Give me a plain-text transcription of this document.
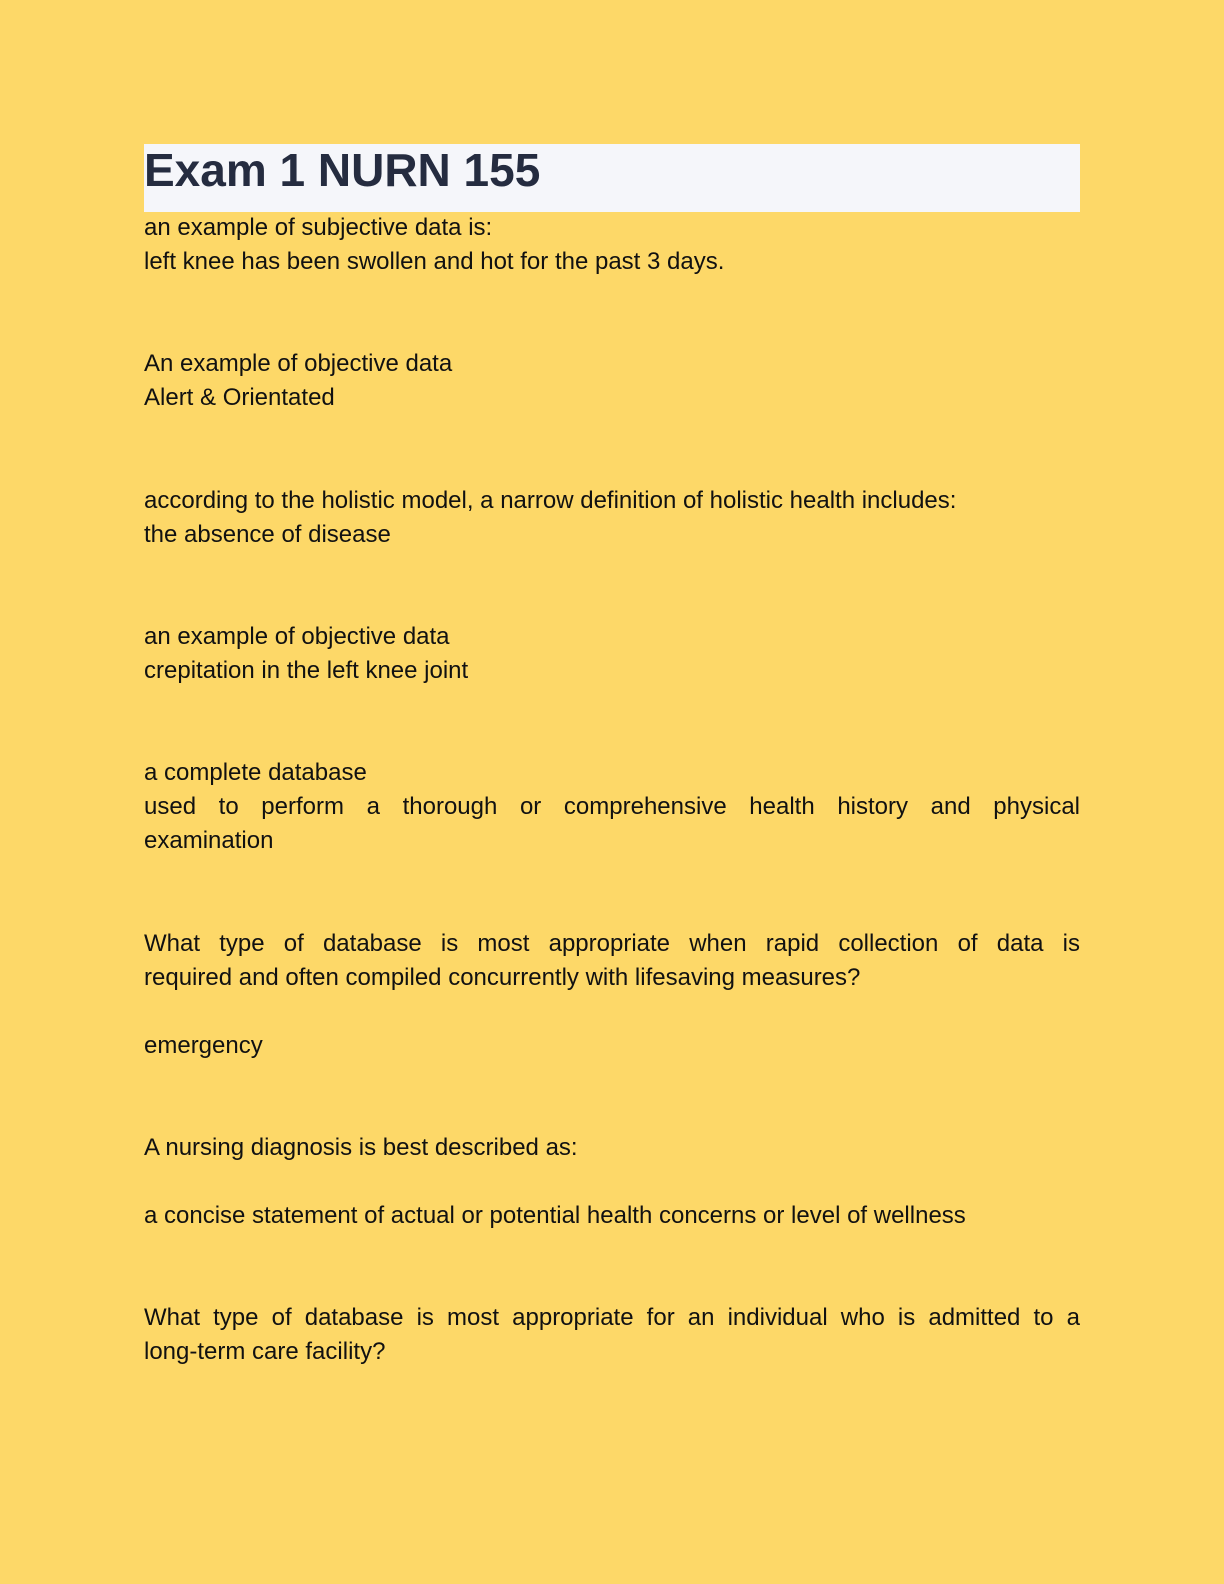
Exam 1 NURN 155

an example of subjective data is:

left knee has been swollen and hot for the past 3 days.

An example of objective data

Alert & Orientated

according to the holistic model, a narrow definition of holistic health includes:

the absence of disease

an example of objective data

crepitation in the left knee joint

a complete database

used to perform a thorough or comprehensive health history and physical

examination

What type of database is most appropriate when rapid collection of data is

required and often compiled concurrently with lifesaving measures?

emergency

A nursing diagnosis is best described as:

a concise statement of actual or potential health concerns or level of wellness

What type of database is most appropriate for an individual who is admitted to a

long-term care facility?
